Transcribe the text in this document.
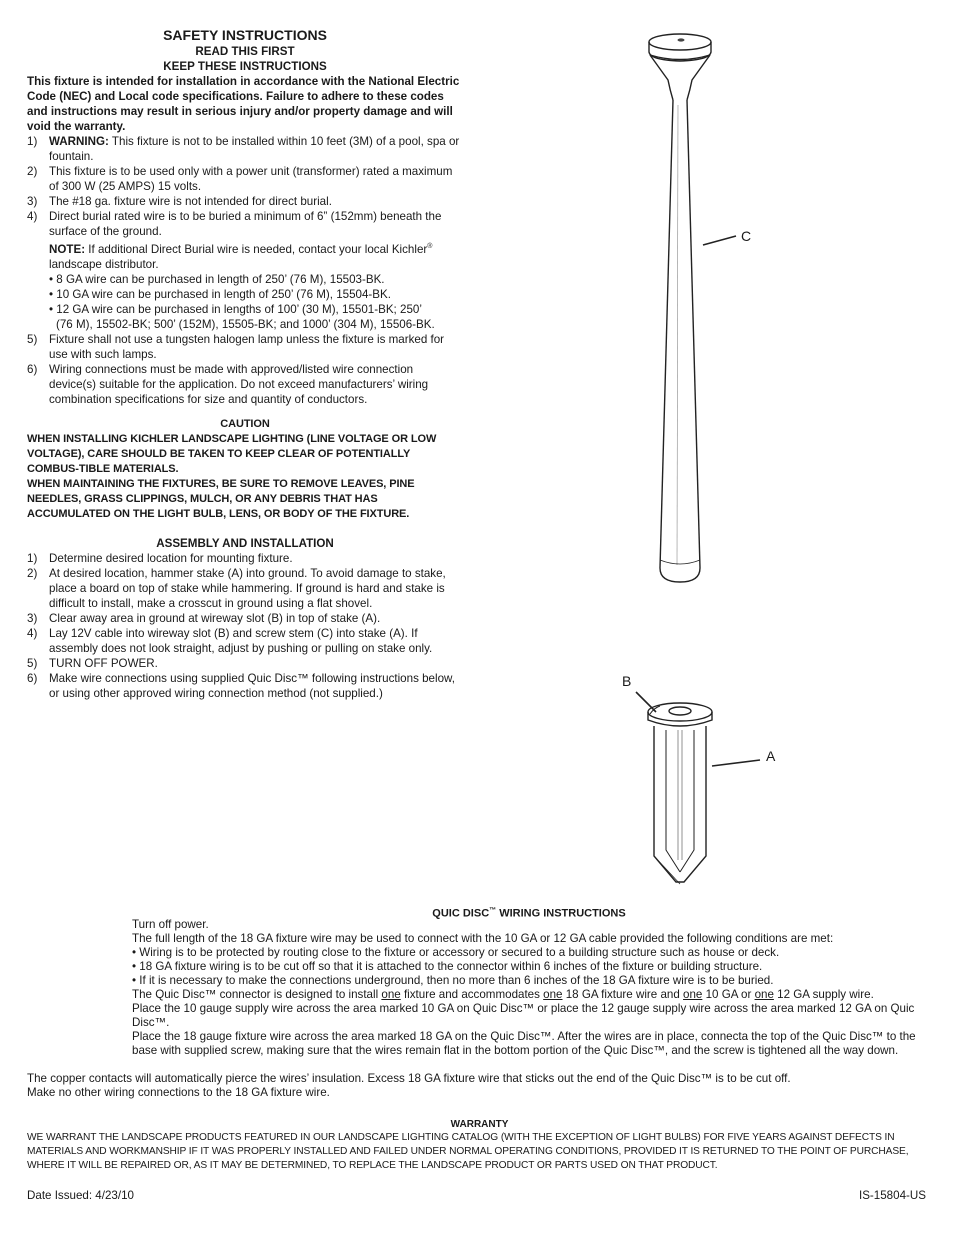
SAFETY INSTRUCTIONS
READ THIS FIRST
KEEP THESE INSTRUCTIONS
This fixture is intended for installation in accordance with the National Electric Code (NEC) and Local code specifications. Failure to adhere to these codes and instructions may result in serious injury and/or property damage and will void the warranty.
1)	WARNING: This fixture is not to be installed within 10 feet (3M) of a pool, spa or fountain.
2)	This fixture is to be used only with a power unit (transformer) rated a maximum of 300 W (25 AMPS) 15 volts.
3)	The #18 ga. fixture wire is not intended for direct burial.
4)	Direct burial rated wire is to be buried a minimum of 6” (152mm) beneath the surface of the ground.
NOTE: If additional Direct Burial wire is needed, contact your local Kichler®
landscape distributor.
• 8 GA wire can be purchased in length of 250’ (76 M), 15503-BK.
• 10 GA wire can be purchased in length of 250’ (76 M), 15504-BK.
• 12 GA wire can be purchased in lengths of 100’ (30 M), 15501-BK; 250’
(76 M), 15502-BK; 500’ (152M), 15505-BK; and 1000’ (304 M), 15506-BK.
5)	Fixture shall not use a tungsten halogen lamp unless the fixture is marked for use with such lamps.
6)	Wiring connections must be made with approved/listed wire connection device(s) suitable for the application. Do not exceed manufacturers’ wiring combination specifications for size and quantity of conductors.
CAUTION
WHEN INSTALLING KICHLER LANDSCAPE LIGHTING (LINE VOLTAGE OR LOW VOLTAGE), CARE SHOULD BE TAKEN TO KEEP CLEAR OF POTENTIALLY COMBUS-TIBLE MATERIALS.
WHEN MAINTAINING THE FIXTURES, BE SURE TO REMOVE LEAVES, PINE NEEDLES, GRASS CLIPPINGS, MULCH, OR ANY DEBRIS THAT HAS ACCUMULATED ON THE LIGHT BULB, LENS, OR BODY OF THE FIXTURE.
ASSEMBLY AND INSTALLATION
1)	Determine desired location for mounting fixture.
2)	At desired location, hammer stake (A) into ground. To avoid damage to stake, place a board on top of stake while hammering. If ground is hard and stake is difficult to install, make a crosscut in ground using a flat shovel.
3)	Clear away area in ground at wireway slot (B) in top of stake (A).
4)	Lay 12V cable into wireway slot (B) and screw stem (C) into stake (A). If assembly does not look straight, adjust by pushing or pulling on stake only.
5)	TURN OFF POWER.
6)	Make wire connections using supplied Quic Disc™ following instructions below, or using other approved wiring connection method (not supplied.)
C
B
A
QUIC DISC™ WIRING INSTRUCTIONS
Turn off power.
The full length of the 18 GA fixture wire may be used to connect with the 10 GA or 12 GA cable provided the following conditions are met:
• Wiring is to be protected by routing close to the fixture or accessory or secured to a building structure such as house or deck.
• 18 GA fixture wiring is to be cut off so that it is attached to the connector within 6 inches of the fixture or building structure.
• If it is necessary to make the connections underground, then no more than 6 inches of the 18 GA fixture wire is to be buried.
The Quic Disc™ connector is designed to install one fixture and accommodates one 18 GA fixture wire and one 10 GA or one 12 GA supply wire.
Place the 10 gauge supply wire across the area marked 10 GA on Quic Disc™ or place the 12 gauge supply wire across the area marked 12 GA on Quic Disc™.
Place the 18 gauge fixture wire across the area marked 18 GA on the Quic Disc™. After the wires are in place, connecta the top of the Quic Disc™ to the base with supplied screw, making sure that the wires remain flat in the bottom portion of the Quic Disc™, and the screw is tightened all the way down.
The copper contacts will automatically pierce the wires’ insulation. Excess 18 GA fixture wire that sticks out the end of the Quic Disc™ is to be cut off.
Make no other wiring connections to the 18 GA fixture wire.
WARRANTY
WE WARRANT THE LANDSCAPE PRODUCTS FEATURED IN OUR LANDSCAPE LIGHTING CATALOG (WITH THE EXCEPTION OF LIGHT BULBS) FOR FIVE YEARS AGAINST DEFECTS IN MATERIALS AND WORKMANSHIP IF IT WAS PROPERLY INSTALLED AND FAILED UNDER NORMAL OPERATING CONDITIONS, PROVIDED IT IS RETURNED TO THE POINT OF PURCHASE, WHERE IT WILL BE REPAIRED OR, AS IT MAY BE DETERMINED, TO REPLACE THE LANDSCAPE PRODUCT OR PARTS USED ON THAT PRODUCT.
Date Issued: 4/23/10	IS-15804-US
